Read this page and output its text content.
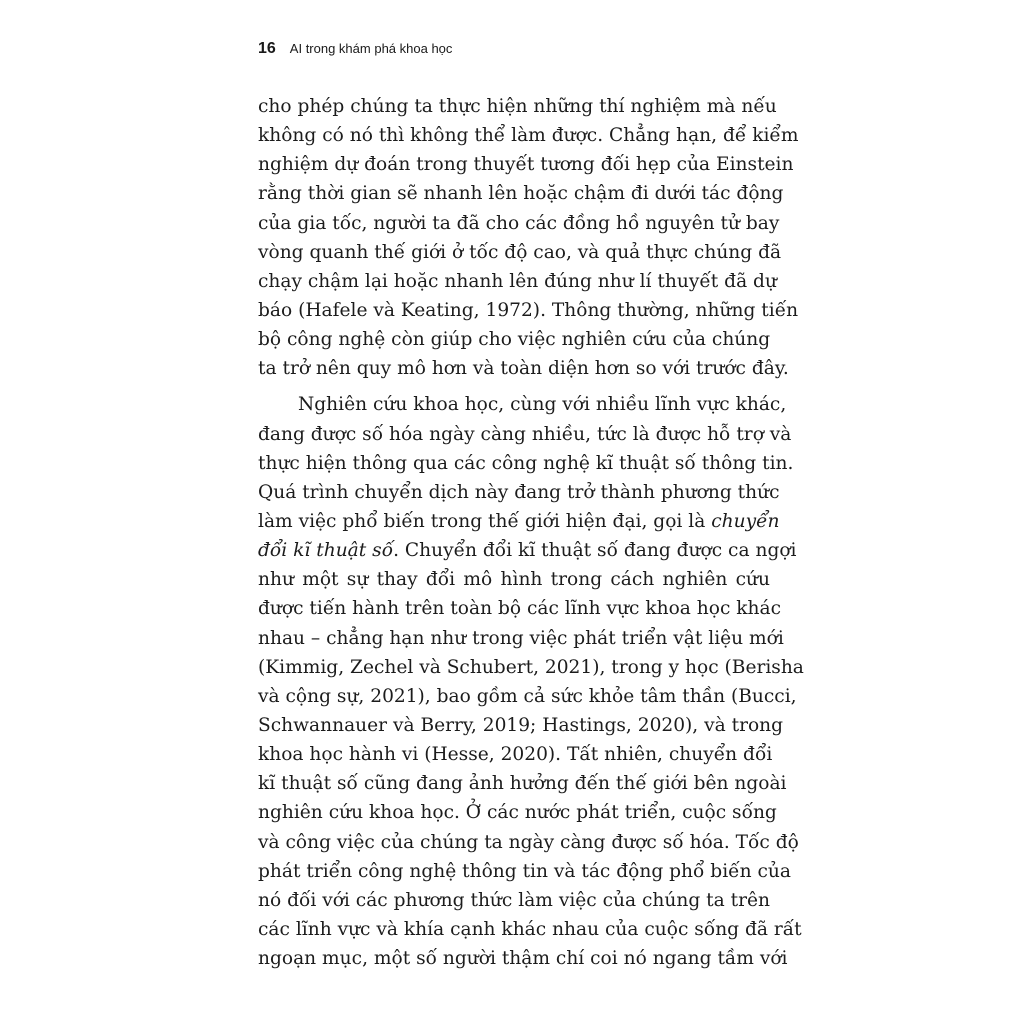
16 AI trong khám phá khoa học
cho phép chúng ta thực hiện những thí nghiệm mà nếu
không có nó thì không thể làm được. Chẳng hạn, để kiểm
nghiệm dự đoán trong thuyết tương đối hẹp của Einstein
rằng thời gian sẽ nhanh lên hoặc chậm đi dưới tác động
của gia tốc, người ta đã cho các đồng hồ nguyên tử bay
vòng quanh thế giới ở tốc độ cao, và quả thực chúng đã
chạy chậm lại hoặc nhanh lên đúng như lí thuyết đã dự
báo (Hafele và Keating, 1972). Thông thường, những tiến
bộ công nghệ còn giúp cho việc nghiên cứu của chúng
ta trở nên quy mô hơn và toàn diện hơn so với trước đây.
Nghiên cứu khoa học, cùng với nhiều lĩnh vực khác,
đang được số hóa ngày càng nhiều, tức là được hỗ trợ và
thực hiện thông qua các công nghệ kĩ thuật số thông tin.
Quá trình chuyển dịch này đang trở thành phương thức
làm việc phổ biến trong thế giới hiện đại, gọi là chuyển
đổi kĩ thuật số. Chuyển đổi kĩ thuật số đang được ca ngợi
như một sự thay đổi mô hình trong cách nghiên cứu
được tiến hành trên toàn bộ các lĩnh vực khoa học khác
nhau – chẳng hạn như trong việc phát triển vật liệu mới
(Kimmig, Zechel và Schubert, 2021), trong y học (Berisha
và cộng sự, 2021), bao gồm cả sức khỏe tâm thần (Bucci,
Schwannauer và Berry, 2019; Hastings, 2020), và trong
khoa học hành vi (Hesse, 2020). Tất nhiên, chuyển đổi
kĩ thuật số cũng đang ảnh hưởng đến thế giới bên ngoài
nghiên cứu khoa học. Ở các nước phát triển, cuộc sống
và công việc của chúng ta ngày càng được số hóa. Tốc độ
phát triển công nghệ thông tin và tác động phổ biến của
nó đối với các phương thức làm việc của chúng ta trên
các lĩnh vực và khía cạnh khác nhau của cuộc sống đã rất
ngoạn mục, một số người thậm chí coi nó ngang tầm với
